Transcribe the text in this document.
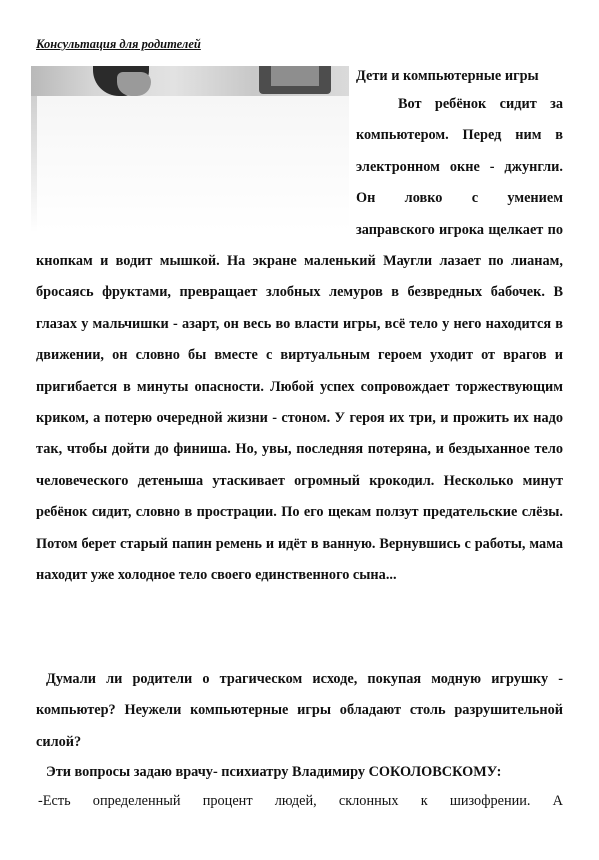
Консультация для родителей

Дети и компьютерные игры
Вот ребёнок сидит за компьютером. Перед ним в электронном окне - джунгли. Он ловко с умением заправского игрока щелкает по кнопкам и водит мышкой. На экране маленький Маугли лазает по лианам, бросаясь фруктами, превращает злобных лемуров в безвредных бабочек. В глазах у мальчишки - азарт, он весь во власти игры, всё тело у него находится в движении, он словно бы вместе с виртуальным героем уходит от врагов и пригибается в минуты опасности. Любой успех сопровождает торжествующим криком, а потерю очередной жизни - стоном. У героя их три, и прожить их надо так, чтобы дойти до финиша. Но, увы, последняя потеряна, и бездыханное тело человеческого детеныша утаскивает огромный крокодил. Несколько минут ребёнок сидит, словно в прострации. По его щекам ползут предательские слёзы. Потом берет старый папин ремень и идёт в ванную. Вернувшись с работы, мама находит уже холодное тело своего единственного сына...

Думали ли родители о трагическом исходе, покупая модную игрушку - компьютер? Неужели компьютерные игры обладают столь разрушительной силой?

Эти вопросы задаю врачу- психиатру Владимиру СОКОЛОВСКОМУ:

-Есть определенный процент людей, склонных к шизофрении. А
